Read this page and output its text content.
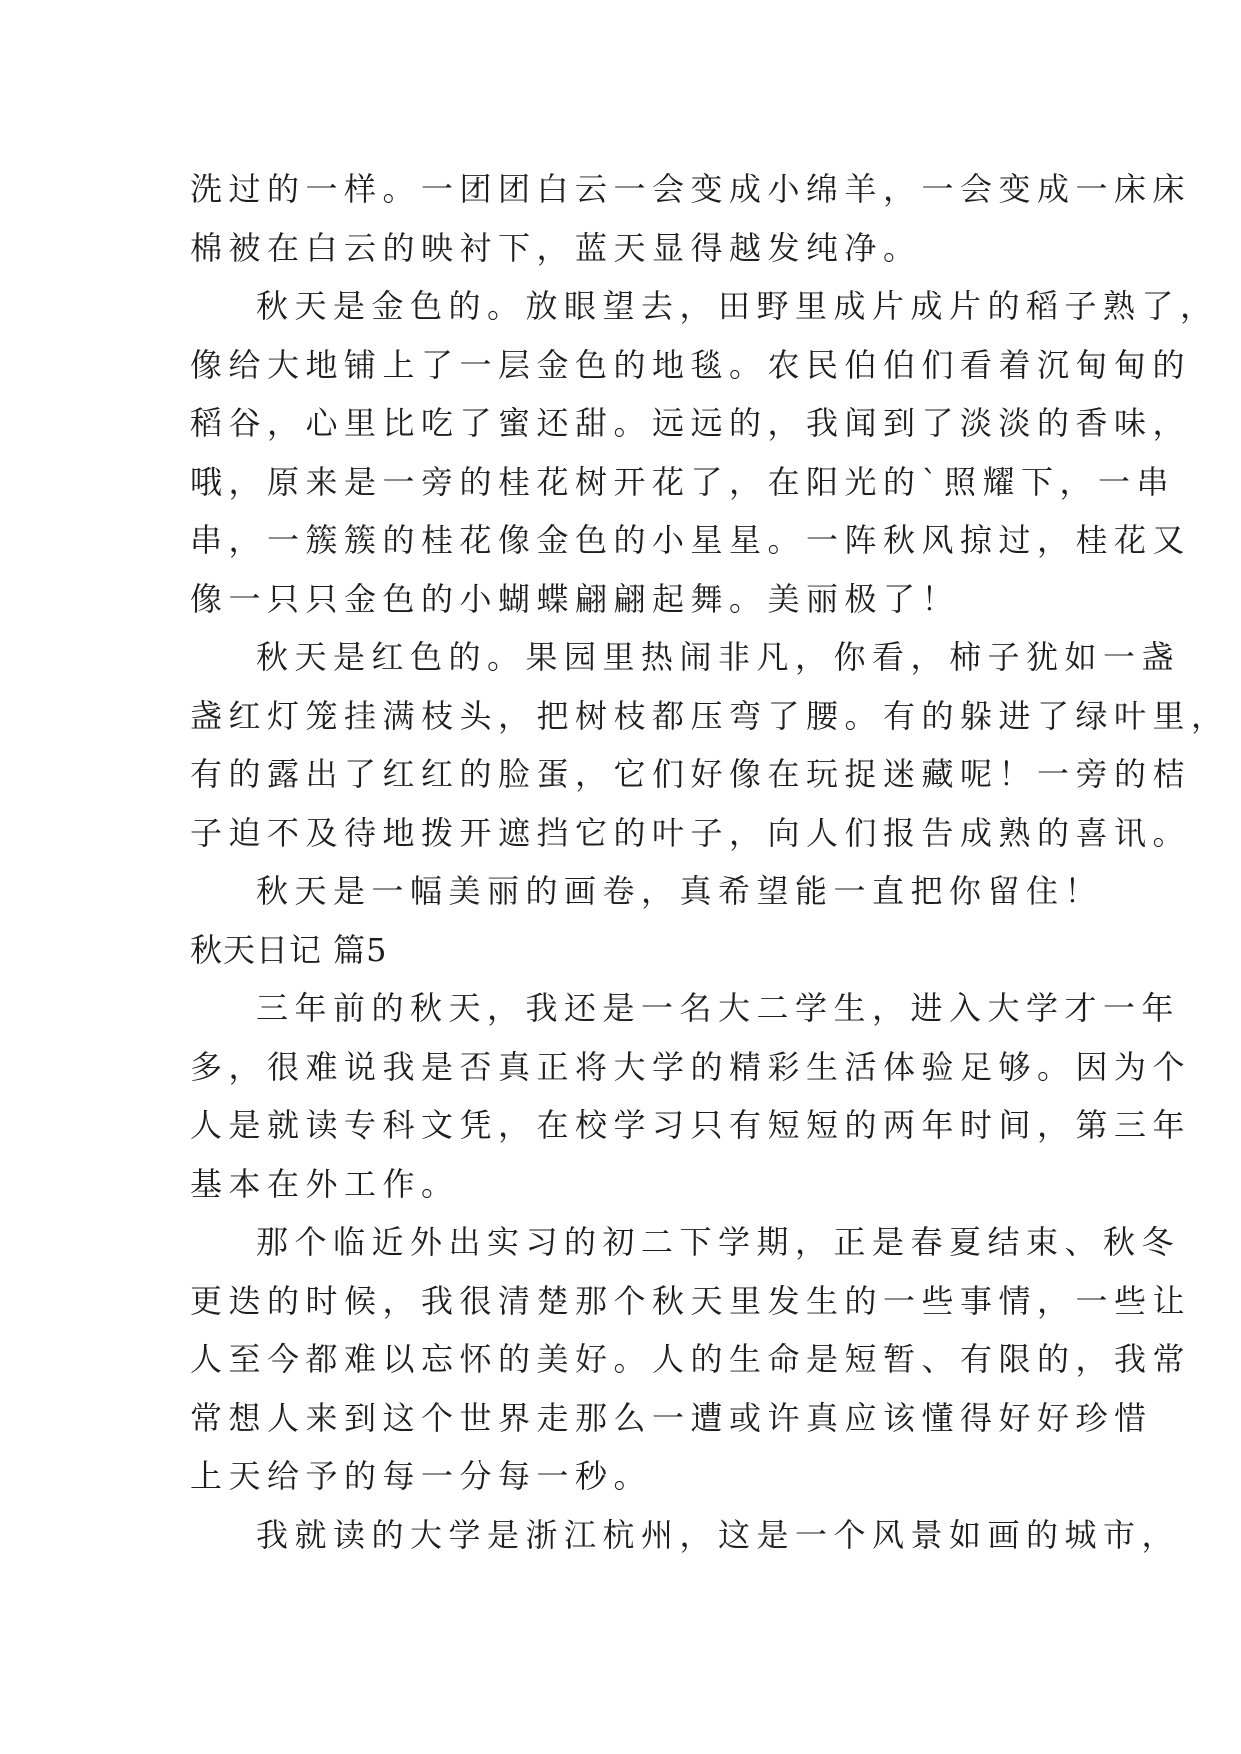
洗过的一样。一团团白云一会变成小绵羊，一会变成一床床
棉被在白云的映衬下，蓝天显得越发纯净。
秋天是金色的。放眼望去，田野里成片成片的稻子熟了，
像给大地铺上了一层金色的地毯。农民伯伯们看着沉甸甸的
稻谷，心里比吃了蜜还甜。远远的，我闻到了淡淡的香味，
哦，原来是一旁的桂花树开花了，在阳光的`照耀下，一串
串，一簇簇的桂花像金色的小星星。一阵秋风掠过，桂花又
像一只只金色的小蝴蝶翩翩起舞。美丽极了！
秋天是红色的。果园里热闹非凡，你看，柿子犹如一盏
盏红灯笼挂满枝头，把树枝都压弯了腰。有的躲进了绿叶里，
有的露出了红红的脸蛋，它们好像在玩捉迷藏呢！一旁的桔
子迫不及待地拨开遮挡它的叶子，向人们报告成熟的喜讯。
秋天是一幅美丽的画卷，真希望能一直把你留住！
秋天日记 篇5
三年前的秋天，我还是一名大二学生，进入大学才一年
多，很难说我是否真正将大学的精彩生活体验足够。因为个
人是就读专科文凭，在校学习只有短短的两年时间，第三年
基本在外工作。
那个临近外出实习的初二下学期，正是春夏结束、秋冬
更迭的时候，我很清楚那个秋天里发生的一些事情，一些让
人至今都难以忘怀的美好。人的生命是短暂、有限的，我常
常想人来到这个世界走那么一遭或许真应该懂得好好珍惜
上天给予的每一分每一秒。
我就读的大学是浙江杭州，这是一个风景如画的城市，
